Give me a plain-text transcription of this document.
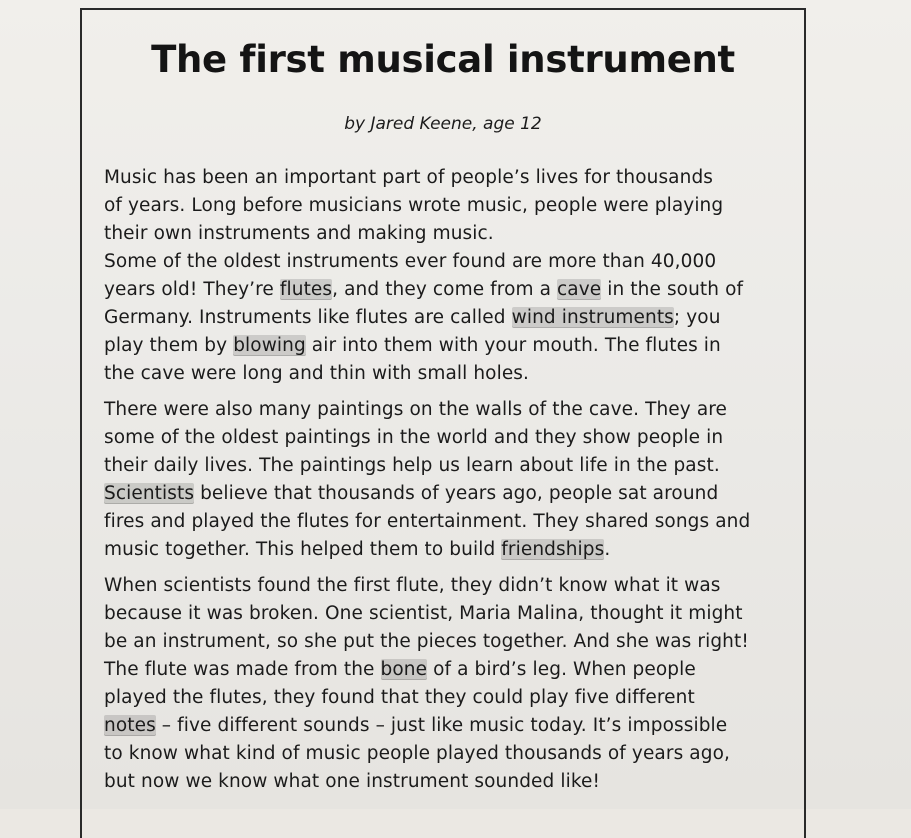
The first musical instrument
by Jared Keene, age 12
Music has been an important part of people’s lives for thousands
of years. Long before musicians wrote music, people were playing
their own instruments and making music.
Some of the oldest instruments ever found are more than 40,000
years old! They’re flutes, and they come from a cave in the south of
Germany. Instruments like flutes are called wind instruments; you
play them by blowing air into them with your mouth. The flutes in
the cave were long and thin with small holes.
There were also many paintings on the walls of the cave. They are
some of the oldest paintings in the world and they show people in
their daily lives. The paintings help us learn about life in the past.
Scientists believe that thousands of years ago, people sat around
fires and played the flutes for entertainment. They shared songs and
music together. This helped them to build friendships.
When scientists found the first flute, they didn’t know what it was
because it was broken. One scientist, Maria Malina, thought it might
be an instrument, so she put the pieces together. And she was right!
The flute was made from the bone of a bird’s leg. When people
played the flutes, they found that they could play five different
notes – five different sounds – just like music today. It’s impossible
to know what kind of music people played thousands of years ago,
but now we know what one instrument sounded like!
